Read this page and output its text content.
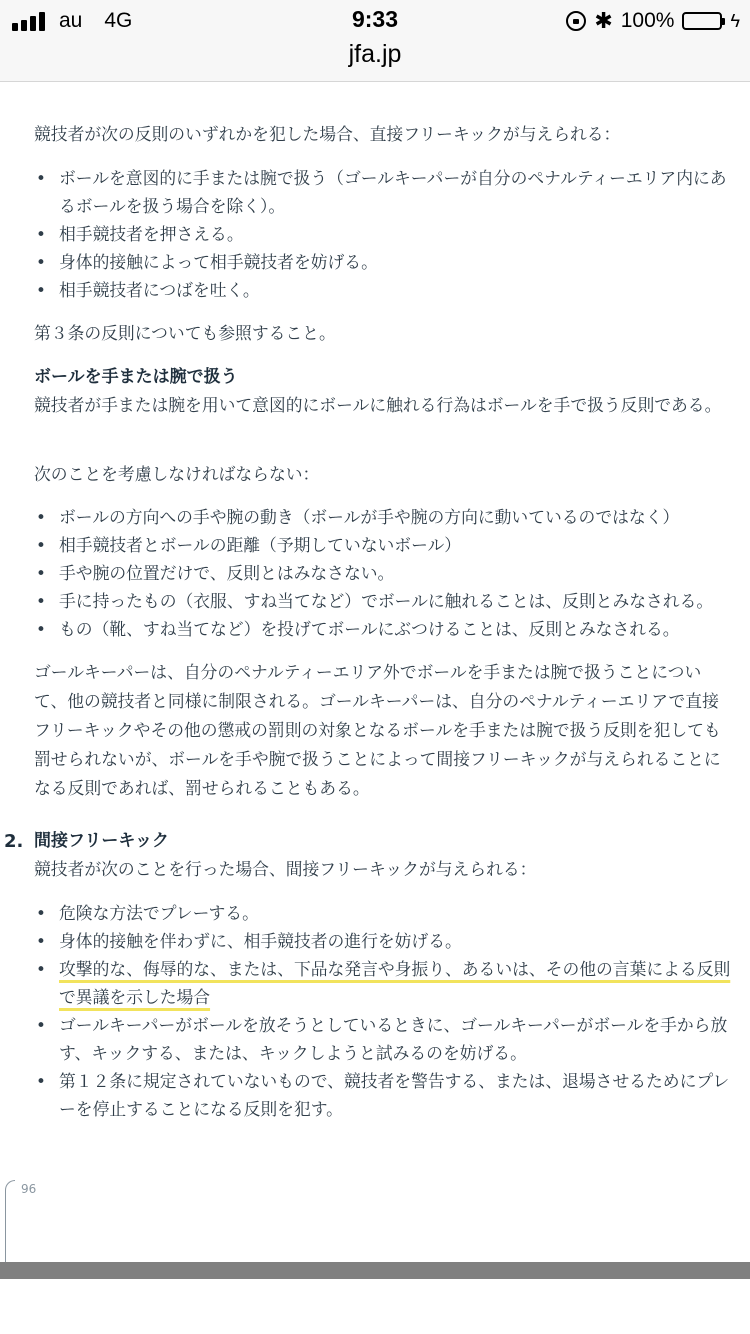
au 4G	9:33	✱ 100%	ϟ
jfa.jp

競技者が次の反則のいずれかを犯した場合、直接フリーキックが与えられる：

• ボールを意図的に手または腕で扱う（ゴールキーパーが自分のペナルティーエリア内にあるボールを扱う場合を除く）。
• 相手競技者を押さえる。
• 身体的接触によって相手競技者を妨げる。
• 相手競技者につばを吐く。

第３条の反則についても参照すること。

ボールを手または腕で扱う

競技者が手または腕を用いて意図的にボールに触れる行為はボールを手で扱う反則である。

次のことを考慮しなければならない：

• ボールの方向への手や腕の動き（ボールが手や腕の方向に動いているのではなく）
• 相手競技者とボールの距離（予期していないボール）
• 手や腕の位置だけで、反則とはみなさない。
• 手に持ったもの（衣服、すね当てなど）でボールに触れることは、反則とみなされる。
• もの（靴、すね当てなど）を投げてボールにぶつけることは、反則とみなされる。

ゴールキーパーは、自分のペナルティーエリア外でボールを手または腕で扱うことについて、他の競技者と同様に制限される。ゴールキーパーは、自分のペナルティーエリアで直接フリーキックやその他の懲戒の罰則の対象となるボールを手または腕で扱う反則を犯しても罰せられないが、ボールを手や腕で扱うことによって間接フリーキックが与えられることになる反則であれば、罰せられることもある。

2. 間接フリーキック

競技者が次のことを行った場合、間接フリーキックが与えられる：

• 危険な方法でプレーする。
• 身体的接触を伴わずに、相手競技者の進行を妨げる。
• 攻撃的な、侮辱的な、または、下品な発言や身振り、あるいは、その他の言葉による反則で異議を示した場合
• ゴールキーパーがボールを放そうとしているときに、ゴールキーパーがボールを手から放す、キックする、または、キックしようと試みるのを妨げる。
• 第１２条に規定されていないもので、競技者を警告する、または、退場させるためにプレーを停止することになる反則を犯す。
96
